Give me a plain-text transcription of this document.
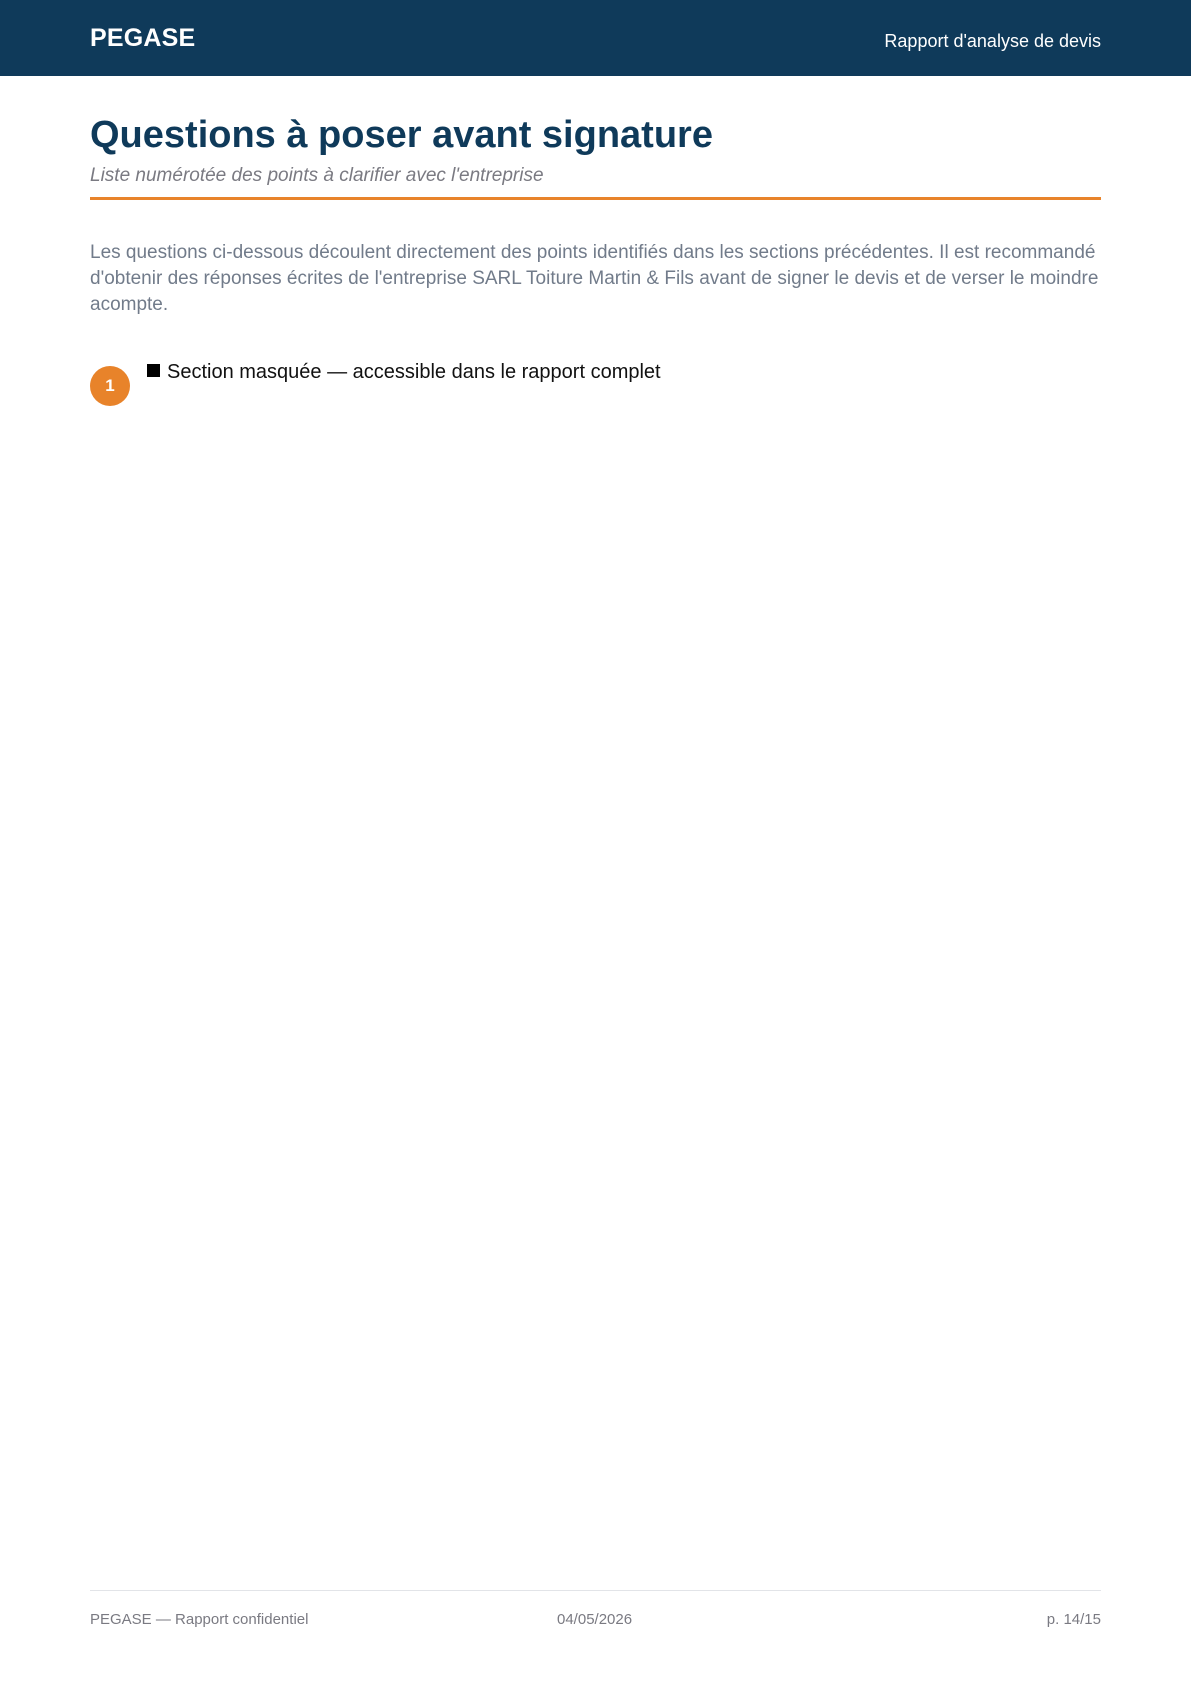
PEGASE	Rapport d'analyse de devis
Questions à poser avant signature
Liste numérotée des points à clarifier avec l'entreprise

Les questions ci-dessous découlent directement des points identifiés dans les sections précédentes. Il est recommandé d'obtenir des réponses écrites de l'entreprise SARL Toiture Martin & Fils avant de signer le devis et de verser le moindre acompte.

1
Section masquée — accessible dans le rapport complet
PEGASE — Rapport confidentiel	04/05/2026	p. 14/15
